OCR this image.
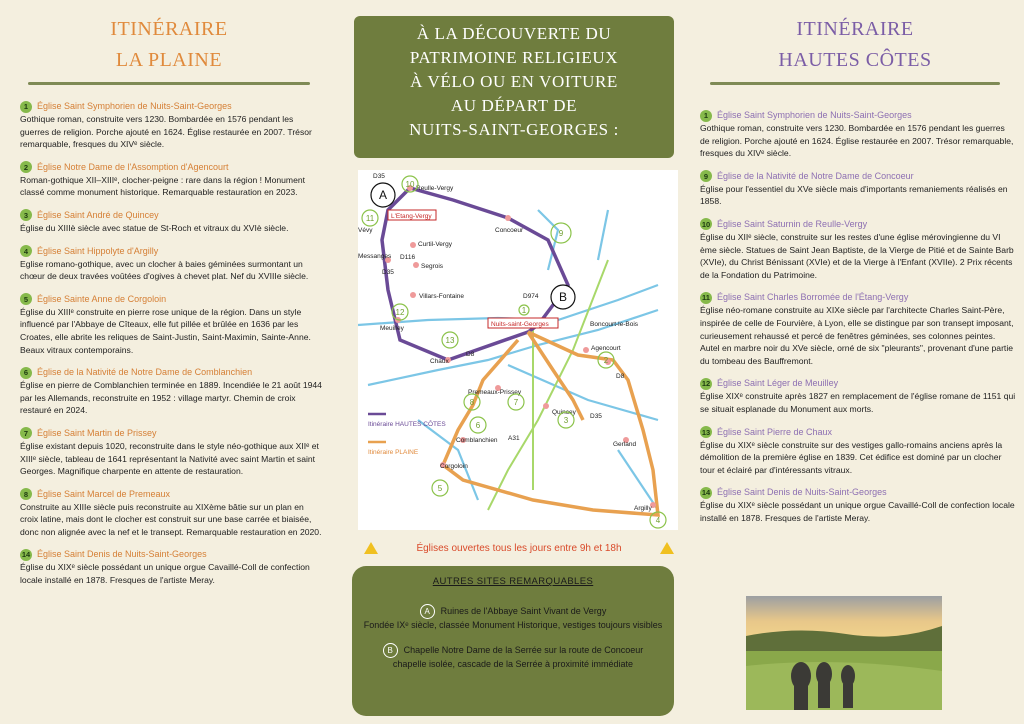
ITINÉRAIRE
LA PLAINE
1 Église Saint Symphorien de Nuits-Saint-Georges
Gothique roman, construite vers 1230. Bombardée en 1576 pendant les guerres de religion. Porche ajouté en 1624. Église restaurée en 2007. Trésor remarquable, fresques du XIVᵉ siècle.
2 Église Notre Dame de l'Assomption d'Agencourt
Roman-gothique XII–XIIIᵉ, clocher-peigne : rare dans la région ! Monument classé comme monument historique. Remarquable restauration en 2023.
3 Église Saint André de Quincey
Église du XIIIè siècle avec statue de St-Roch et vitraux du XVIè siècle.
4 Église Saint Hippolyte d'Argilly
Eglise romano-gothique, avec un clocher à baies géminées surmontant un chœur de deux travées voûtées d'ogives à chevet plat. Nef du XVIIIe siècle.
5 Église Sainte Anne de Corgoloin
Église du XIIIᵉ construite en pierre rose unique de la région. Dans un style influencé par l'Abbaye de Cîteaux, elle fut pillée et brûlée en 1636 par les Croates, elle abrite les reliques de Saint-Justin, Saint-Maximin, Sainte-Anne. Beaux vitraux contemporains.
6 Église de la Nativité de Notre Dame de Comblanchien
Église en pierre de Comblanchien terminée en 1889. Incendiée le 21 août 1944 par les Allemands, reconstruite en 1952 : village martyr. Chemin de croix restauré en 2024.
7 Église Saint Martin de Prissey
Église existant depuis 1020, reconstruite dans le style néo-gothique aux XIIᵉ et XIIIᵉ siècle, tableau de 1641 représentant la Nativité avec saint Martin et saint Georges. Magnifique charpente en attente de restauration.
8 Église Saint Marcel de Premeaux
Construite au XIIIe siècle puis reconstruite au XIXème bâtie sur un plan en croix latine, mais dont le clocher est construit sur une base carrée et biaisée, donc non alignée avec la nef et le transept. Remarquable restauration en 2020.
14 Église Saint Denis de Nuits-Saint-Georges
Église du XIXᵉ siècle possédant un unique orgue Cavaillé-Coll de confection locale installé en 1878. Fresques de l'artiste Meray.
À LA DÉCOUVERTE DU
PATRIMOINE RELIGIEUX
À VÉLO OU EN VOITURE
AU DÉPART DE
NUITS-SAINT-GEORGES :
D35
Reulle-Vergy
Concoeur
Curtil-Vergy
D116
Segrois
Villars-Fontaine
Messanges
Vévy
D35
Meuilley
Chaux
D8
D974
Boncourt-le-Bois
Agencourt
D8
Premeaux-Prissey
Quincey
D35
Comblanchien A31
Gerland
Corgoloin
Argilly
L'Etang-Vergy
Nuits-saint-Georges
A
B
1
2
3
4
5
6
7
8
9
10
11
12
13
Itinéraire HAUTES CÔTES
Itinéraire PLAINE
Églises ouvertes tous les jours entre 9h et 18h
AUTRES SITES REMARQUABLES
A Ruines de l'Abbaye Saint Vivant de Vergy
Fondée IXᵉ siècle, classée Monument Historique, vestiges toujours visibles
B Chapelle Notre Dame de la Serrée sur la route de Concoeur
chapelle isolée, cascade de la Serrée à proximité immédiate
ITINÉRAIRE
HAUTES CÔTES
1 Église Saint Symphorien de Nuits-Saint-Georges
Gothique roman, construite vers 1230. Bombardée en 1576 pendant les guerres de religion. Porche ajouté en 1624. Église restaurée en 2007. Trésor remarquable, fresques du XIVᵉ siècle.
9 Église de la Nativité de Notre Dame de Concoeur
Église pour l'essentiel du XVe siècle mais d'importants remaniements réalisés en 1858.
10 Église Saint Saturnin de Reulle-Vergy
Église du XIIᵉ siècle, construite sur les restes d'une église mérovingienne du VI ème siècle. Statues de Saint Jean Baptiste, de la Vierge de Pitié et de Sainte Barb (XVIe), du Christ Bénissant (XVIe) et de la Vierge à l'Enfant (XVIIe). 2 Prix récents de la Fondation du Patrimoine.
11 Église Saint Charles Borromée de l'Étang-Vergy
Église néo-romane construite au XIXe siècle par l'architecte Charles Saint-Père, inspirée de celle de Fourvière, à Lyon, elle se distingue par son transept imposant, curieusement rehaussé et percé de fenêtres géminées, ses colonnes peintes. Autel en marbre noir du XVe siècle, orné de six "pleurants", provenant d'une partie du tombeau des Bauffremont.
12 Église Saint Léger de Meuilley
Église XIXᵉ construite après 1827 en remplacement de l'église romane de 1151 qui se situait esplanade du Monument aux morts.
13 Église Saint Pierre de Chaux
Église du XIXᵉ siècle construite sur des vestiges gallo-romains anciens après la démolition de la première église en 1839. Cet édifice est dominé par un clocher tour et éclairé par d'intéressants vitraux.
14 Église Saint Denis de Nuits-Saint-Georges
Église du XIXᵉ siècle possédant un unique orgue Cavaillé-Coll de confection locale installé en 1878. Fresques de l'artiste Meray.
